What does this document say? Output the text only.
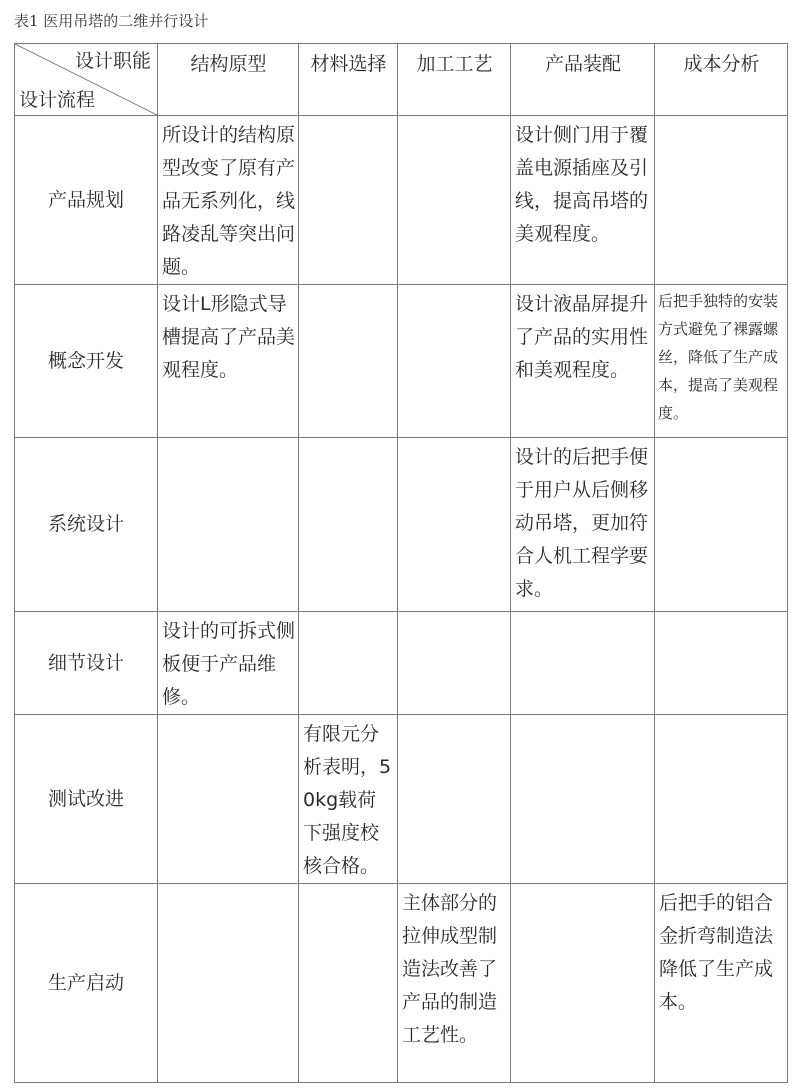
表1 医用吊塔的二维并行设计
设计职能
设计流程	结构原型	材料选择	加工工艺	产品装配	成本分析
产品规划	所设计的结构原型改变了原有产品无系列化，线路凌乱等突出问题。			设计侧门用于覆盖电源插座及引线，提高吊塔的美观程度。	
概念开发	设计L形隐式导槽提高了产品美观程度。			设计液晶屏提升了产品的实用性和美观程度。	后把手独特的安装方式避免了裸露螺丝，降低了生产成本，提高了美观程度。
系统设计				设计的后把手便于用户从后侧移动吊塔，更加符合人机工程学要求。	
细节设计	设计的可拆式侧板便于产品维修。				
测试改进		有限元分析表明，50kg载荷下强度校核合格。			
生产启动			主体部分的拉伸成型制造法改善了产品的制造工艺性。		后把手的铝合金折弯制造法降低了生产成本。
